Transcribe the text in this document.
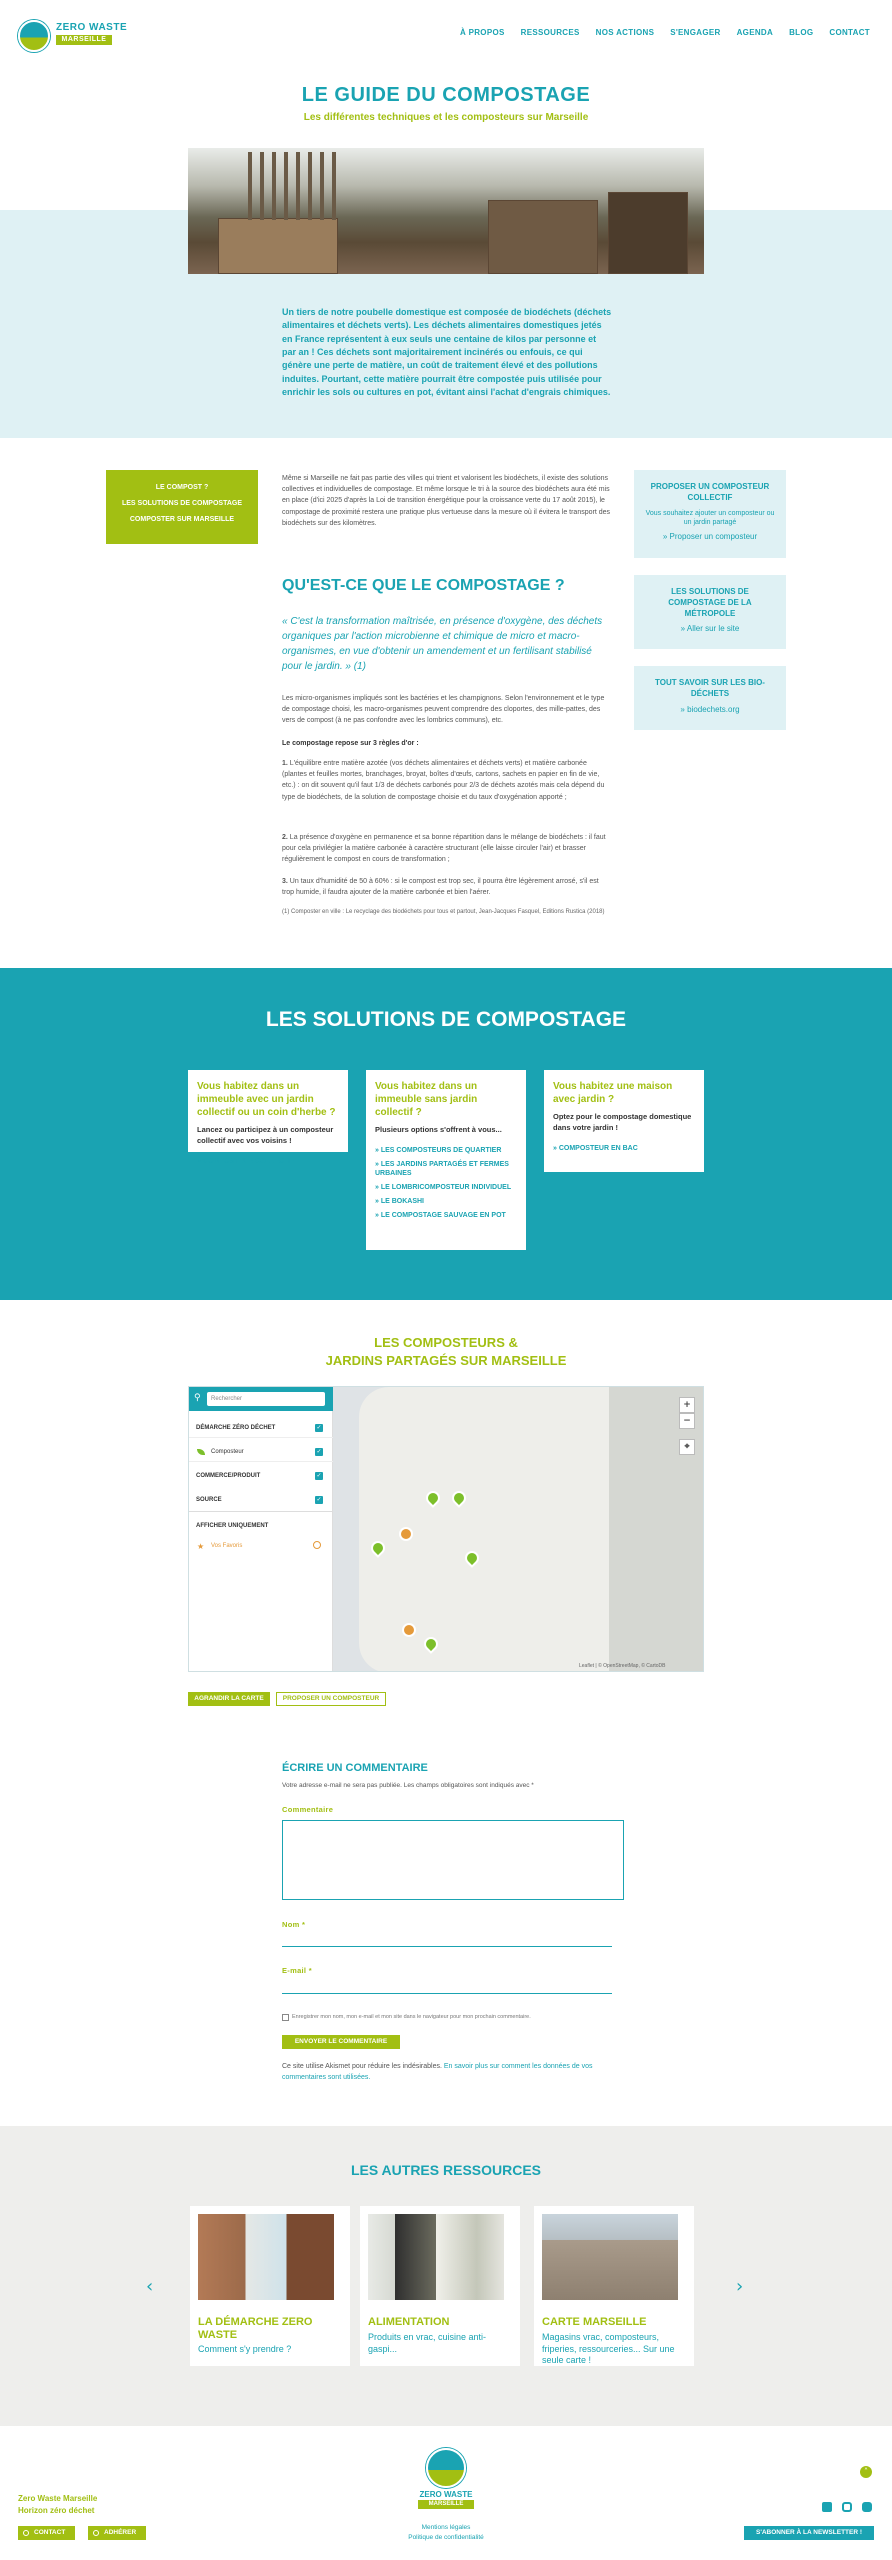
ZERO WASTE
MARSEILLE
À PROPOS RESSOURCES NOS ACTIONS S'ENGAGER AGENDA BLOG CONTACT
LE GUIDE DU COMPOSTAGE
Les différentes techniques et les composteurs sur Marseille
Un tiers de notre poubelle domestique est composée de biodéchets (déchets alimentaires et déchets verts). Les déchets alimentaires domestiques jetés en France représentent à eux seuls une centaine de kilos par personne et par an ! Ces déchets sont majoritairement incinérés ou enfouis, ce qui génère une perte de matière, un coût de traitement élevé et des pollutions induites. Pourtant, cette matière pourrait être compostée puis utilisée pour enrichir les sols ou cultures en pot, évitant ainsi l'achat d'engrais chimiques.
LE COMPOST ?
LES SOLUTIONS DE COMPOSTAGE
COMPOSTER SUR MARSEILLE
Même si Marseille ne fait pas partie des villes qui trient et valorisent les biodéchets, il existe des solutions collectives et individuelles de compostage. Et même lorsque le tri à la source des biodéchets aura été mis en place (d'ici 2025 d'après la Loi de transition énergétique pour la croissance verte du 17 août 2015), le compostage de proximité restera une pratique plus vertueuse dans la mesure où il évitera le transport des biodéchets sur des kilomètres.
QU'EST-CE QUE LE COMPOSTAGE ?
« C'est la transformation maîtrisée, en présence d'oxygène, des déchets organiques par l'action microbienne et chimique de micro et macro-organismes, en vue d'obtenir un amendement et un fertilisant stabilisé pour le jardin. » (1)
Les micro-organismes impliqués sont les bactéries et les champignons. Selon l'environnement et le type de compostage choisi, les macro-organismes peuvent comprendre des cloportes, des mille-pattes, des vers de compost (à ne pas confondre avec les lombrics communs), etc.
Le compostage repose sur 3 règles d'or :
1. L'équilibre entre matière azotée (vos déchets alimentaires et déchets verts) et matière carbonée (plantes et feuilles mortes, branchages, broyat, boîtes d'œufs, cartons, sachets en papier en fin de vie, etc.) : on dit souvent qu'il faut 1/3 de déchets carbonés pour 2/3 de déchets azotés mais cela dépend du type de biodéchets, de la solution de compostage choisie et du taux d'oxygénation apporté ;
2. La présence d'oxygène en permanence et sa bonne répartition dans le mélange de biodéchets : il faut pour cela privilégier la matière carbonée à caractère structurant (elle laisse circuler l'air) et brasser régulièrement le compost en cours de transformation ;
3. Un taux d'humidité de 50 à 60% : si le compost est trop sec, il pourra être légèrement arrosé, s'il est trop humide, il faudra ajouter de la matière carbonée et bien l'aérer.
(1) Composter en ville : Le recyclage des biodéchets pour tous et partout, Jean-Jacques Fasquel, Editions Rustica (2018)
PROPOSER UN COMPOSTEUR COLLECTIF
Vous souhaitez ajouter un composteur ou un jardin partagé
» Proposer un composteur
LES SOLUTIONS DE COMPOSTAGE DE LA MÉTROPOLE
» Aller sur le site
TOUT SAVOIR SUR LES BIO-DÉCHETS
» biodechets.org
LES SOLUTIONS DE COMPOSTAGE
Vous habitez dans un immeuble avec un jardin collectif ou un coin d'herbe ?
Lancez ou participez à un composteur collectif avec vos voisins !
» COMPOSTEUR COLLECTIF
Vous habitez dans un immeuble sans jardin collectif ?
Plusieurs options s'offrent à vous...
» LES COMPOSTEURS DE QUARTIER
» LES JARDINS PARTAGÉS ET FERMES URBAINES
» LE LOMBRICOMPOSTEUR INDIVIDUEL
» LE BOKASHI
» LE COMPOSTAGE SAUVAGE EN POT
Vous habitez une maison avec jardin ?
Optez pour le compostage domestique dans votre jardin !
» COMPOSTEUR EN BAC
LES COMPOSTEURS &
JARDINS PARTAGÉS SUR MARSEILLE
+
−
⌖
Leaflet | © OpenStreetMap, © CartoDB
⚲	Rechercher
DÉMARCHE ZÉRO DÉCHET	✓
Composteur	✓
COMMERCE/PRODUIT	✓
SOURCE	✓
AFFICHER UNIQUEMENT
★ Vos Favoris
AGRANDIR LA CARTE	PROPOSER UN COMPOSTEUR
ÉCRIRE UN COMMENTAIRE
Votre adresse e-mail ne sera pas publiée. Les champs obligatoires sont indiqués avec *
Commentaire
Nom *
E-mail *
Enregistrer mon nom, mon e-mail et mon site dans le navigateur pour mon prochain commentaire.
ENVOYER LE COMMENTAIRE
Ce site utilise Akismet pour réduire les indésirables. En savoir plus sur comment les données de vos commentaires sont utilisées.
LES AUTRES RESSOURCES
‹	›
LA DÉMARCHE ZERO WASTE
Comment s'y prendre ?
ALIMENTATION
Produits en vrac, cuisine anti-gaspi...
CARTE MARSEILLE
Magasins vrac, composteurs, friperies, ressourceries... Sur une seule carte !
Zero Waste Marseille
Horizon zéro déchet
CONTACT	ADHÉRER
ZERO WASTE
MARSEILLE
Mentions légales
Politique de confidentialité
˄
S'ABONNER À LA NEWSLETTER !
